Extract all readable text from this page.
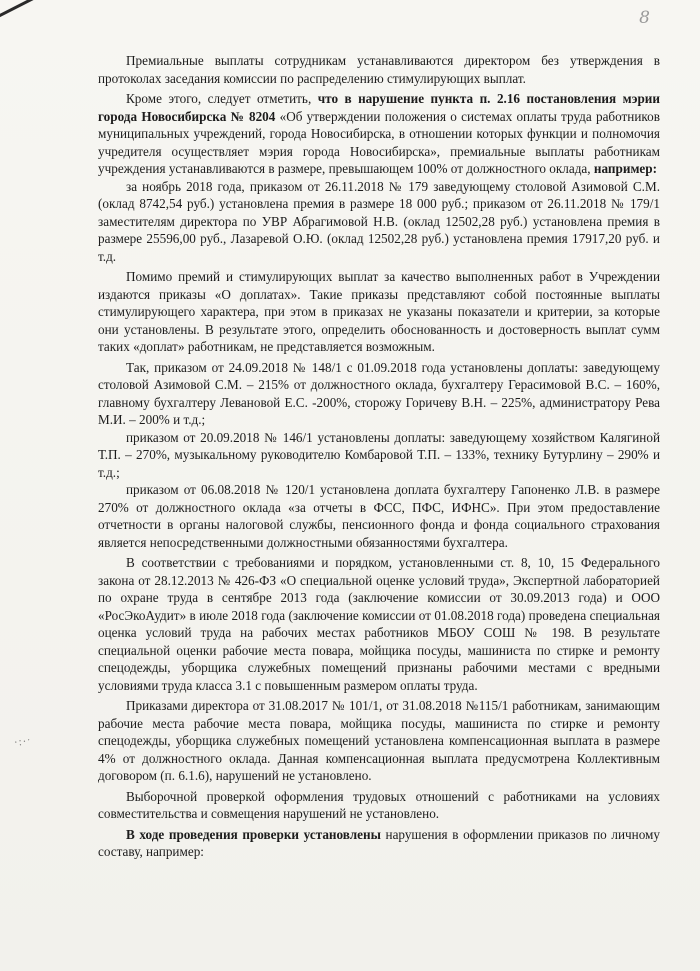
8
·:·ˑ

Премиальные выплаты сотрудникам устанавливаются директором без утверждения в протоколах заседания комиссии по распределению стимулирующих выплат.

Кроме этого, следует отметить, что в нарушение пункта п. 2.16 постановления мэрии города Новосибирска № 8204 «Об утверждении положения о системах оплаты труда работников муниципальных учреждений, города Новосибирска, в отношении которых функции и полномочия учредителя осуществляет мэрия города Новосибирска», премиальные выплаты работникам учреждения устанавливаются в размере, превышающем 100% от должностного оклада, например:

за ноябрь 2018 года, приказом от 26.11.2018 № 179 заведующему столовой Азимовой С.М. (оклад 8742,54 руб.) установлена премия в размере 18 000 руб.; приказом от 26.11.2018 № 179/1 заместителям директора по УВР Абрагимовой Н.В. (оклад 12502,28 руб.) установлена премия в размере 25596,00 руб., Лазаревой О.Ю. (оклад 12502,28 руб.) установлена премия 17917,20 руб. и т.д.

Помимо премий и стимулирующих выплат за качество выполненных работ в Учреждении издаются приказы «О доплатах». Такие приказы представляют собой постоянные выплаты стимулирующего характера, при этом в приказах не указаны показатели и критерии, за которые они установлены. В результате этого, определить обоснованность и достоверность выплат сумм таких «доплат» работникам, не представляется возможным.

Так, приказом от 24.09.2018 № 148/1 с 01.09.2018 года установлены доплаты: заведующему столовой Азимовой С.М. – 215% от должностного оклада, бухгалтеру Герасимовой В.С. – 160%, главному бухгалтеру Левановой Е.С. -200%, сторожу Горичеву В.Н. – 225%, администратору Рева М.И. – 200% и т.д.;

приказом от 20.09.2018 № 146/1 установлены доплаты: заведующему хозяйством Калягиной Т.П. – 270%, музыкальному руководителю Комбаровой Т.П. – 133%, технику Бутурлину – 290% и т.д.;

приказом от 06.08.2018 № 120/1 установлена доплата бухгалтеру Гапоненко Л.В. в размере 270% от должностного оклада «за отчеты в ФСС, ПФС, ИФНС». При этом предоставление отчетности в органы налоговой службы, пенсионного фонда и фонда социального страхования является непосредственными должностными обязанностями бухгалтера.

В соответствии с требованиями и порядком, установленными ст. 8, 10, 15 Федерального закона от 28.12.2013 № 426-ФЗ «О специальной оценке условий труда», Экспертной лабораторией по охране труда в сентябре 2013 года (заключение комиссии от 30.09.2013 года) и ООО «РосЭкоАудит» в июле 2018 года (заключение комиссии от 01.08.2018 года) проведена специальная оценка условий труда на рабочих местах работников МБОУ СОШ № 198. В результате специальной оценки рабочие места повара, мойщика посуды, машиниста по стирке и ремонту спецодежды, уборщика служебных помещений признаны рабочими местами с вредными условиями труда класса 3.1 с повышенным размером оплаты труда.

Приказами директора от 31.08.2017 № 101/1, от 31.08.2018 №115/1 работникам, занимающим рабочие места рабочие места повара, мойщика посуды, машиниста по стирке и ремонту спецодежды, уборщика служебных помещений установлена компенсационная выплата в размере 4% от должностного оклада. Данная компенсационная выплата предусмотрена Коллективным договором (п. 6.1.6), нарушений не установлено.

Выборочной проверкой оформления трудовых отношений с работниками на условиях совместительства и совмещения нарушений не установлено.

В ходе проведения проверки установлены нарушения в оформлении приказов по личному составу, например:
